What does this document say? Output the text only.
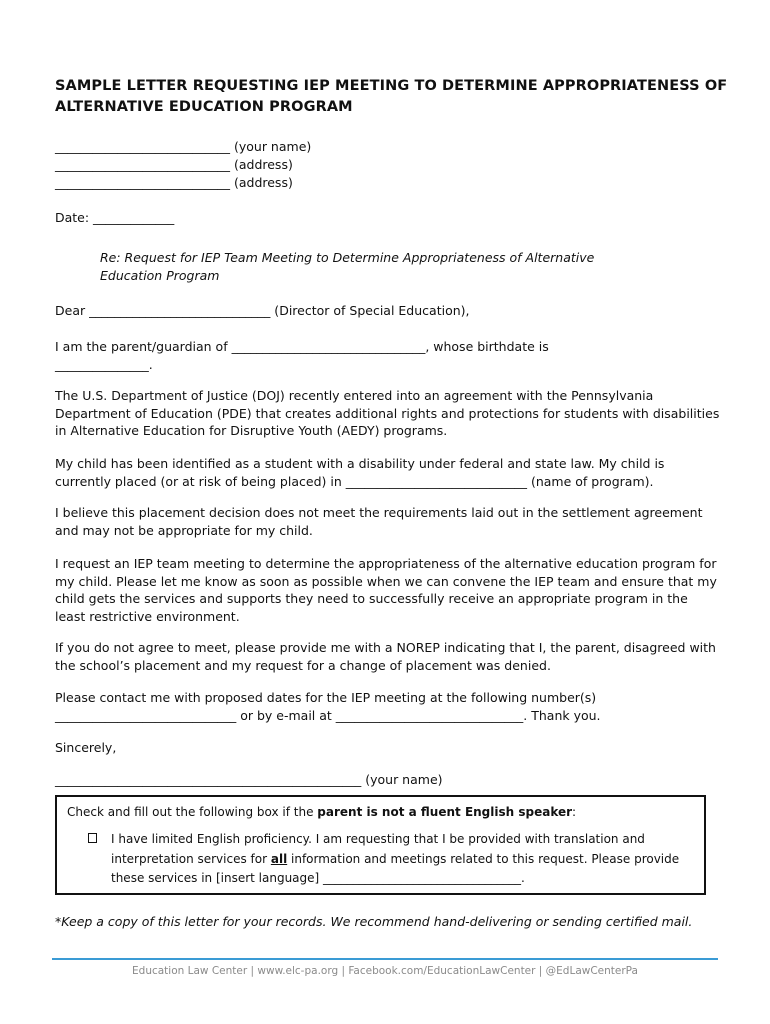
SAMPLE LETTER REQUESTING IEP MEETING TO DETERMINE APPROPRIATENESS OF ALTERNATIVE EDUCATION PROGRAM
____________________________ (your name)
____________________________ (address)
____________________________ (address)
Date: _____________
Re: Request for IEP Team Meeting to Determine Appropriateness of Alternative Education Program
Dear _____________________________ (Director of Special Education),
I am the parent/guardian of _______________________________, whose birthdate is
_______________.
The U.S. Department of Justice (DOJ) recently entered into an agreement with the Pennsylvania Department of Education (PDE) that creates additional rights and protections for students with disabilities in Alternative Education for Disruptive Youth (AEDY) programs.
My child has been identified as a student with a disability under federal and state law. My child is currently placed (or at risk of being placed) in _____________________________ (name of program).
I believe this placement decision does not meet the requirements laid out in the settlement agreement and may not be appropriate for my child.
I request an IEP team meeting to determine the appropriateness of the alternative education program for my child. Please let me know as soon as possible when we can convene the IEP team and ensure that my child gets the services and supports they need to successfully receive an appropriate program in the least restrictive environment.
If you do not agree to meet, please provide me with a NOREP indicating that I, the parent, disagreed with the school’s placement and my request for a change of placement was denied.
Please contact me with proposed dates for the IEP meeting at the following number(s)
_____________________________ or by e-mail at ______________________________. Thank you.
Sincerely,
_________________________________________________ (your name)
Check and fill out the following box if the parent is not a fluent English speaker:
I have limited English proficiency. I am requesting that I be provided with translation and interpretation services for all information and meetings related to this request. Please provide these services in [insert language] _________________________________.
*Keep a copy of this letter for your records. We recommend hand-delivering or sending certified mail.
Education Law Center | www.elc-pa.org | Facebook.com/EducationLawCenter | @EdLawCenterPa
